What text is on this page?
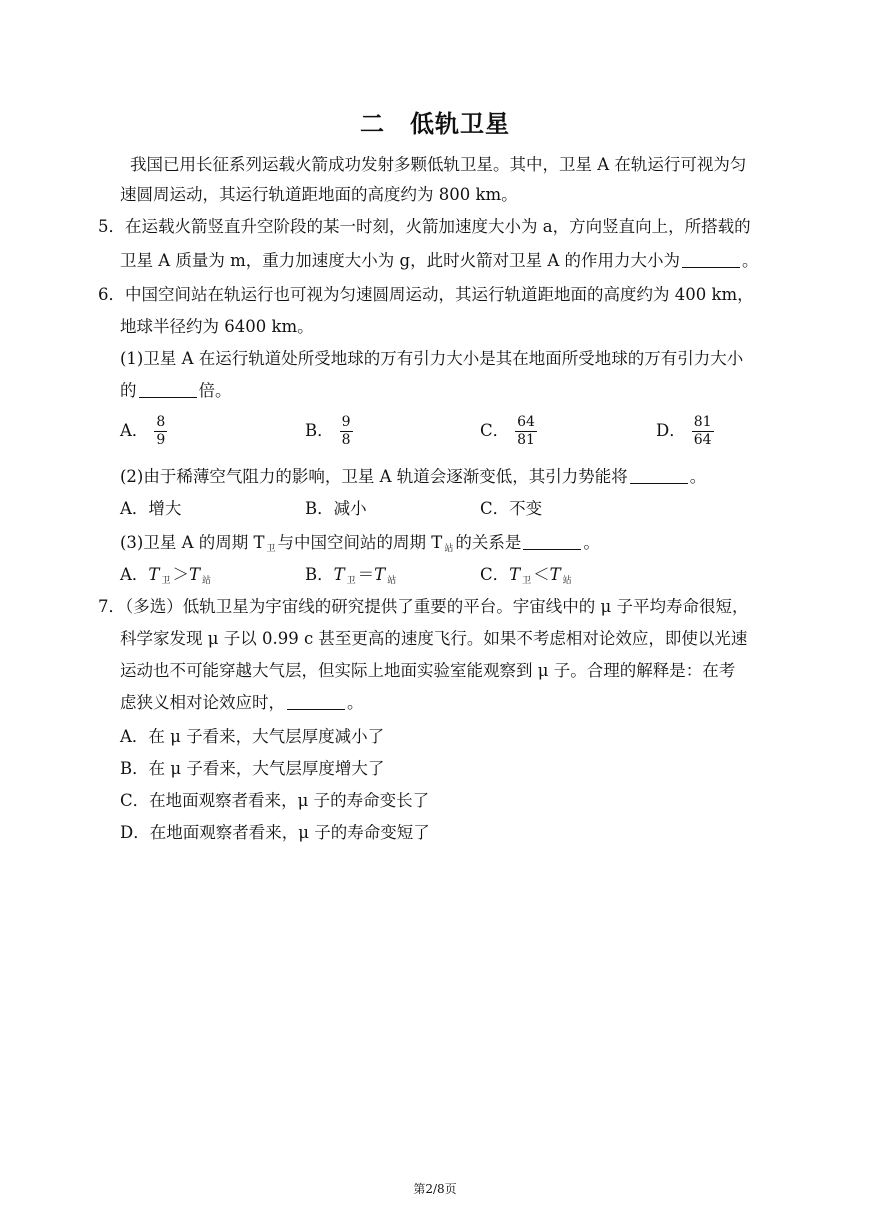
二　低轨卫星
我国已用长征系列运载火箭成功发射多颗低轨卫星。其中，卫星 A 在轨运行可视为匀
速圆周运动，其运行轨道距地面的高度约为 800 km。
5．在运载火箭竖直升空阶段的某一时刻，火箭加速度大小为 a，方向竖直向上，所搭载的
卫星 A 质量为 m，重力加速度大小为 g，此时火箭对卫星 A 的作用力大小为	。
6．中国空间站在轨运行也可视为匀速圆周运动，其运行轨道距地面的高度约为 400 km，
地球半径约为 6400 km。
(1)卫星 A 在运行轨道处所受地球的万有引力大小是其在地面所受地球的万有引力大小
的	倍。
A． $\frac{8}{9}$	B． $\frac{9}{8}$	C． $\frac{64}{81}$	D． $\frac{81}{64}$
(2)由于稀薄空气阻力的影响，卫星 A 轨道会逐渐变低，其引力势能将	。
A．增大	B．减小	C．不变
(3)卫星 A 的周期 T $_卫$ 与中国空间站的周期 T $_站$ 的关系是	。
A．T $_卫$ ＞T $_站$	B．T $_卫$ ＝T $_站$	C．T $_卫$ ＜T $_站$
7．（多选）低轨卫星为宇宙线的研究提供了重要的平台。宇宙线中的 μ 子平均寿命很短，
科学家发现 μ 子以 0.99 c 甚至更高的速度飞行。如果不考虑相对论效应，即使以光速
运动也不可能穿越大气层，但实际上地面实验室能观察到 μ 子。合理的解释是：在考
虑狭义相对论效应时，	。
A．在 μ 子看来，大气层厚度减小了
B．在 μ 子看来，大气层厚度增大了
C．在地面观察者看来，μ 子的寿命变长了
D．在地面观察者看来，μ 子的寿命变短了
第2/8页
